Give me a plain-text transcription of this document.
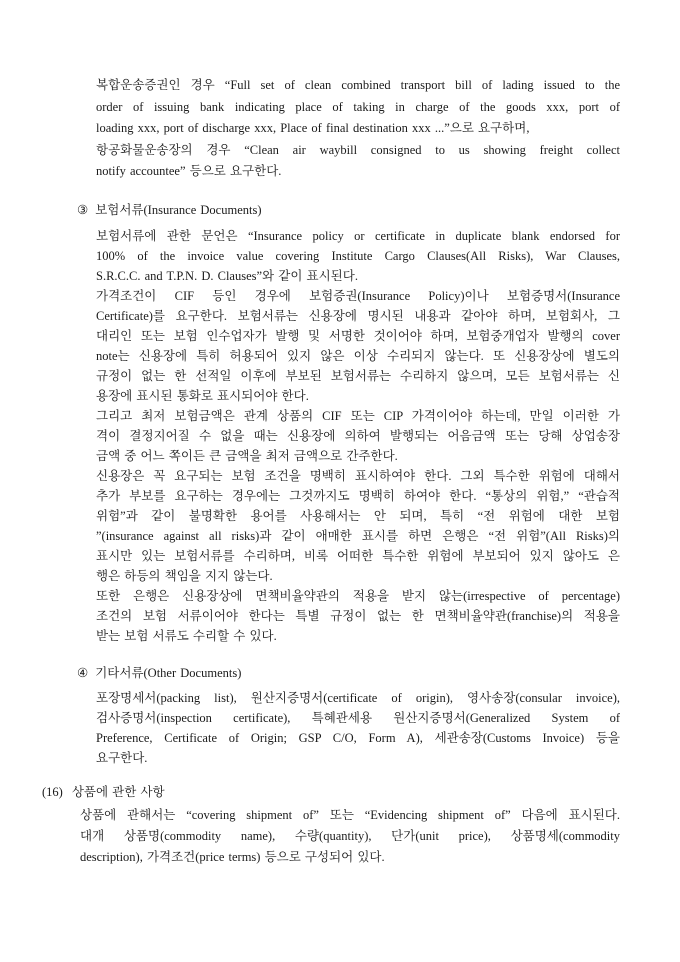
복합운송증권인 경우 “Full set of clean combined transport bill of lading issued to the
order of issuing bank indicating place of taking in charge of the goods xxx, port of
loading xxx, port of discharge xxx, Place of final destination xxx ...”으로 요구하며,
항공화물운송장의 경우 “Clean air waybill consigned to us showing freight collect
notify accountee” 등으로 요구한다.
③ 보험서류(Insurance Documents)
보험서류에 관한 문언은 “Insurance policy or certificate in duplicate blank endorsed for
100% of the invoice value covering Institute Cargo Clauses(All Risks), War Clauses,
S.R.C.C. and T.P.N. D. Clauses”와 같이 표시된다.
가격조건이 CIF 등인 경우에 보험증권(Insurance Policy)이나 보험증명서(Insurance
Certificate)를 요구한다. 보험서류는 신용장에 명시된 내용과 같아야 하며, 보험회사, 그
대리인 또는 보험 인수업자가 발행 및 서명한 것이어야 하며, 보험중개업자 발행의 cover
note는 신용장에 특히 허용되어 있지 않은 이상 수리되지 않는다. 또 신용장상에 별도의
규정이 없는 한 선적일 이후에 부보된 보험서류는 수리하지 않으며, 모든 보험서류는 신
용장에 표시된 통화로 표시되어야 한다.
그리고 최저 보험금액은 관계 상품의 CIF 또는 CIP 가격이어야 하는데, 만일 이러한 가
격이 결정지어질 수 없을 때는 신용장에 의하여 발행되는 어음금액 또는 당해 상업송장
금액 중 어느 쪽이든 큰 금액을 최저 금액으로 간주한다.
신용장은 꼭 요구되는 보험 조건을 명백히 표시하여야 한다. 그외 특수한 위험에 대해서
추가 부보를 요구하는 경우에는 그것까지도 명백히 하여야 한다. “통상의 위험,” “관습적
위험”과 같이 불명확한 용어를 사용해서는 안 되며, 특히 “전 위험에 대한 보험
”(insurance against all risks)과 같이 애매한 표시를 하면 은행은 “전 위험”(All Risks)의
표시만 있는 보험서류를 수리하며, 비록 어떠한 특수한 위험에 부보되어 있지 않아도 은
행은 하등의 책임을 지지 않는다.
또한 은행은 신용장상에 면책비율약관의 적용을 받지 않는(irrespective of percentage)
조건의 보험 서류이어야 한다는 특별 규정이 없는 한 면책비율약관(franchise)의 적용을
받는 보험 서류도 수리할 수 있다.
④ 기타서류(Other Documents)
포장명세서(packing list), 원산지증명서(certificate of origin), 영사송장(consular invoice),
검사증명서(inspection certificate), 특혜관세용 원산지증명서(Generalized System of
Preference, Certificate of Origin; GSP C/O, Form A), 세관송장(Customs Invoice) 등을
요구한다.
(16) 상품에 관한 사항
상품에 관해서는 “covering shipment of” 또는 “Evidencing shipment of” 다음에 표시된다.
대개 상품명(commodity name), 수량(quantity), 단가(unit price), 상품명세(commodity
description), 가격조건(price terms) 등으로 구성되어 있다.
